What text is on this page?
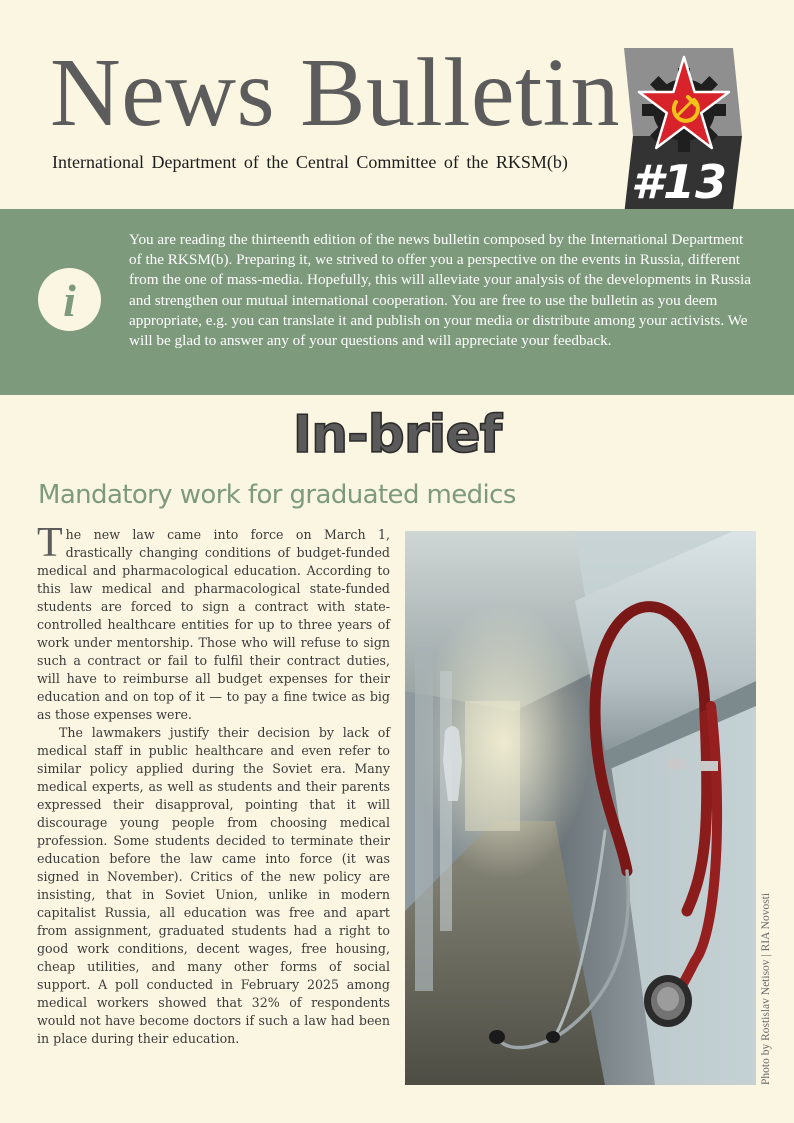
News Bulletin
International Department of the Central Committee of the RKSM(b) #13
i
You are reading the thirteenth edition of the news bulletin composed by the International Department of the RKSM(b). Preparing it, we strived to offer you a perspective on the events in Russia, different from the one of mass-media. Hopefully, this will alleviate your analysis of the developments in Russia and strengthen our mutual international cooperation. You are free to use the bulletin as you deem appropriate, e.g. you can translate it and publish on your media or distribute among your activists. We will be glad to answer any of your questions and will appreciate your feedback.
In-brief
Mandatory work for graduated medics

The new law came into force on March 1, drastically changing conditions of budget-funded medical and pharmacological education. According to this law medical and pharmacological state-funded students are forced to sign a contract with state-controlled healthcare entities for up to three years of work under mentorship. Those who will refuse to sign such a contract or fail to fulfil their contract duties, will have to reimburse all budget expenses for their education and on top of it — to pay a fine twice as big as those expenses were.

The lawmakers justify their decision by lack of medical staff in public healthcare and even refer to similar policy applied during the Soviet era. Many medical experts, as well as students and their parents expressed their disapproval, pointing that it will discourage young people from choosing medical profession. Some students decided to terminate their education before the law came into force (it was signed in November). Critics of the new policy are insisting, that in Soviet Union, unlike in modern capitalist Russia, all education was free and apart from assignment, graduated students had a right to good work conditions, decent wages, free housing, cheap utilities, and many other forms of social support. A poll conducted in February 2025 among medical workers showed that 32% of respondents would not have become doctors if such a law had been in place during their education.	Photo by Rostislav Netisov | RIA Novosti
